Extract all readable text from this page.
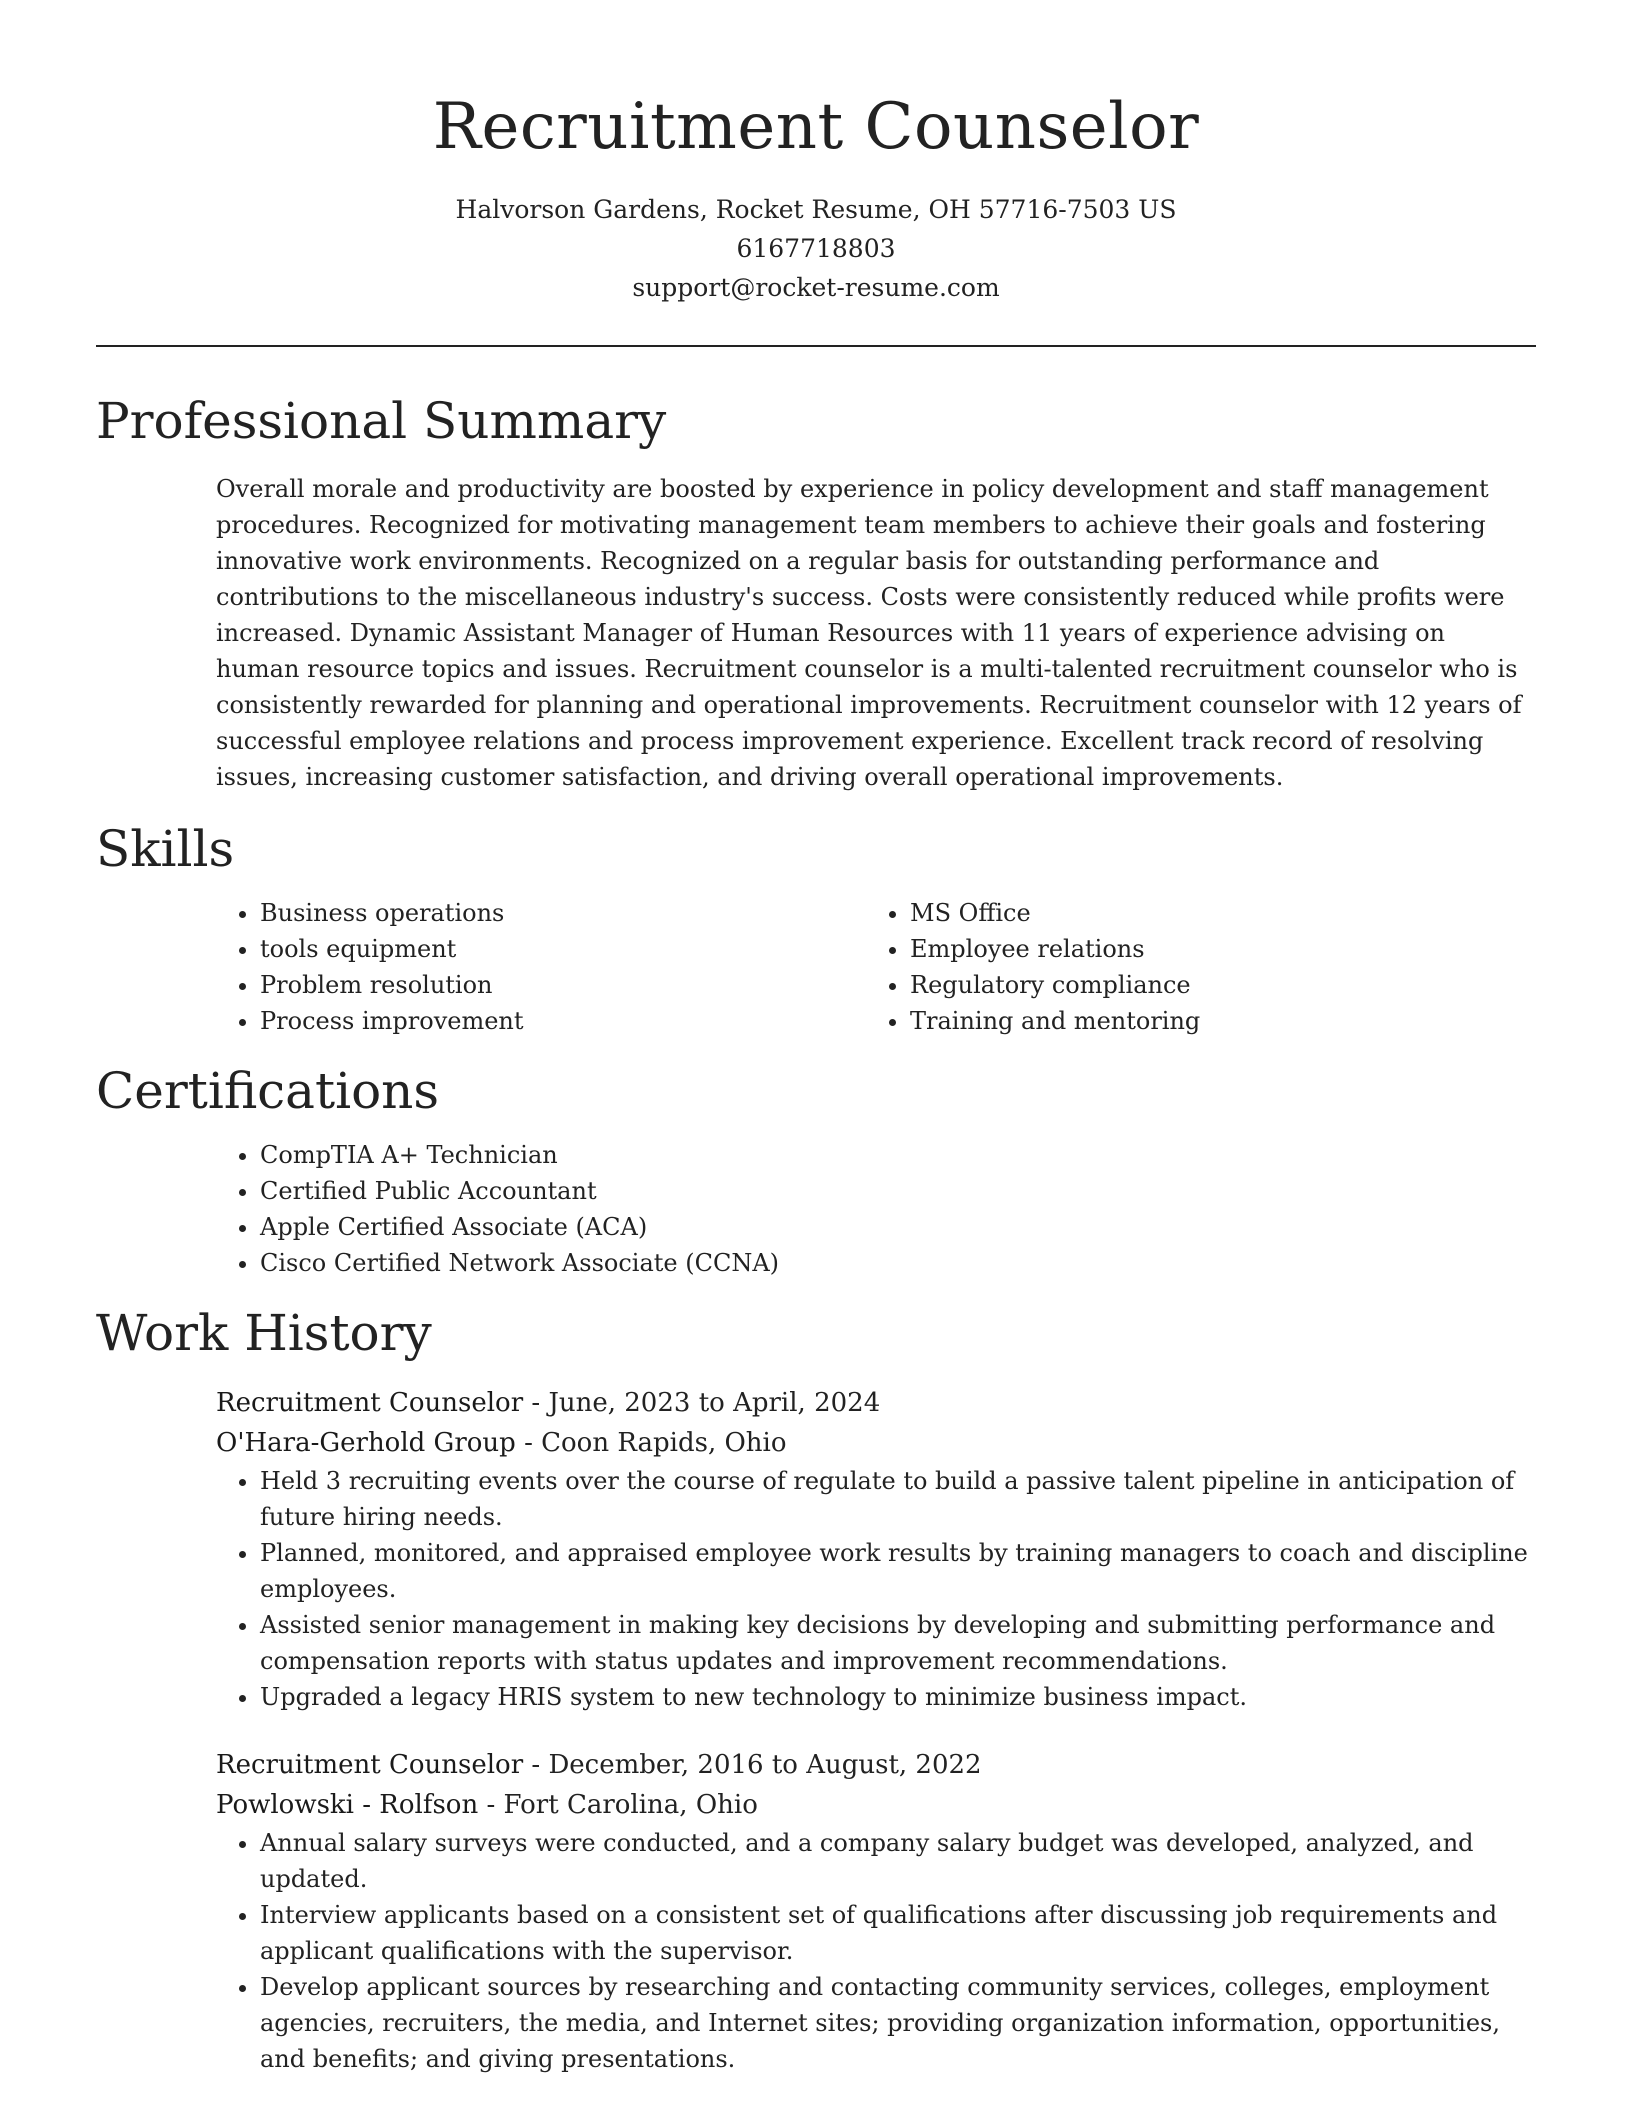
Recruitment Counselor
Halvorson Gardens, Rocket Resume, OH 57716-7503 US
6167718803
support@rocket-resume.com
Professional Summary
Overall morale and productivity are boosted by experience in policy development and staff management procedures. Recognized for motivating management team members to achieve their goals and fostering innovative work environments. Recognized on a regular basis for outstanding performance and contributions to the miscellaneous industry's success. Costs were consistently reduced while profits were increased. Dynamic Assistant Manager of Human Resources with 11 years of experience advising on human resource topics and issues. Recruitment counselor is a multi-talented recruitment counselor who is consistently rewarded for planning and operational improvements. Recruitment counselor with 12 years of successful employee relations and process improvement experience. Excellent track record of resolving issues, increasing customer satisfaction, and driving overall operational improvements.
Skills
• Business operations
• tools equipment
• Problem resolution
• Process improvement
• MS Office
• Employee relations
• Regulatory compliance
• Training and mentoring
Certifications
• CompTIA A+ Technician
• Certified Public Accountant
• Apple Certified Associate (ACA)
• Cisco Certified Network Associate (CCNA)
Work History
Recruitment Counselor - June, 2023 to April, 2024
O'Hara-Gerhold Group - Coon Rapids, Ohio
• Held 3 recruiting events over the course of regulate to build a passive talent pipeline in anticipation of future hiring needs.
• Planned, monitored, and appraised employee work results by training managers to coach and discipline employees.
• Assisted senior management in making key decisions by developing and submitting performance and compensation reports with status updates and improvement recommendations.
• Upgraded a legacy HRIS system to new technology to minimize business impact.
Recruitment Counselor - December, 2016 to August, 2022
Powlowski - Rolfson - Fort Carolina, Ohio
• Annual salary surveys were conducted, and a company salary budget was developed, analyzed, and updated.
• Interview applicants based on a consistent set of qualifications after discussing job requirements and applicant qualifications with the supervisor.
• Develop applicant sources by researching and contacting community services, colleges, employment agencies, recruiters, the media, and Internet sites; providing organization information, opportunities, and benefits; and giving presentations.
